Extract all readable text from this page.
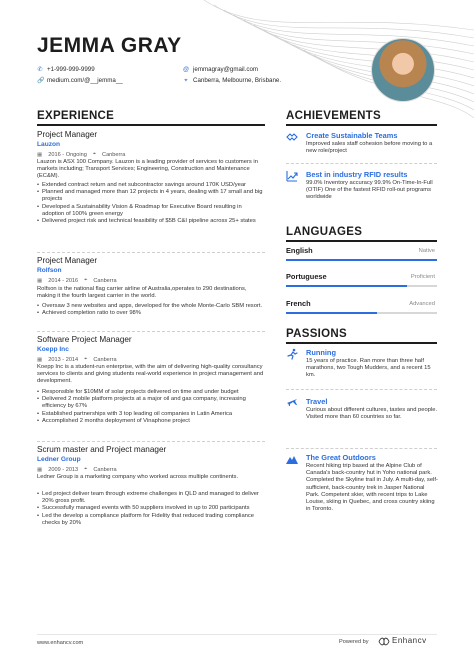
JEMMA GRAY
✆ +1-999-999-9999	@ jemmagray@gmail.com
🔗 medium.com/@__jemma__	⌖ Canberra, Melbourne, Brisbane.
EXPERIENCE
Project Manager
Lauzon
▦ 2016 - Ongoing ⌖ Canberra
Lauzon is ASX 100 Company. Lauzon is a leading provider of services to customers in markets including; Transport Services; Engineering, Construction and Maintenance (EC&M).
• Extended contract return and net subcontractor savings around 170K USD/year
• Planned and managed more than 12 projects in 4 years, dealing with 17 small and big projects
• Developed a Sustainability Vision & Roadmap for Executive Board resulting in adoption of 100% green energy
• Delivered project risk and technical feasibility of $5B C&I pipeline across 25+ states
Project Manager
Rolfson
▦ 2014 - 2016 ⌖ Canberra
Rolfson is the national flag carrier airline of Australia,operates to 290 destinations, making it the fourth largest carrier in the world.
• Oversaw 3 new websites and apps, developed for the whole Monte-Carlo SBM resort.
• Achieved completion ratio to over 98%
Software Project Manager
Koepp Inc
▦ 2013 - 2014 ⌖ Canberra
Koepp Inc is a student-run enterprise, with the aim of delivering high-quality consultancy services to clients and giving students real-world experience in project management and development.
• Responsible for $10MM of solar projects delivered on time and under budget
• Delivered 2 mobile platform projects at a major oil and gas company, increasing efficiency by 67%
• Established partnerships with 3 top leading oil companies in Latin America
• Accomplished 2 months deployment of Vinaphone project
Scrum master and Project manager
Ledner Group
▦ 2009 - 2013 ⌖ Canberra
Ledner Group is a marketing company who worked across multiple continents.
• Led project deliver team through extreme challenges in QLD and managed to deliver 20% gross profit.
• Successfully managed events with 50 suppliers involved in up to 200 participants
• Led the develop a compliance platform for Fidelity that reduced trading compliance checks by 20%
ACHIEVEMENTS
Create Sustainable Teams
Improved sales staff cohesion before moving to a new role/project
Best in industry RFID results
99.0% Inventory accuracy 99.9% On-Time-In-Full (OTIF) One of the fastest RFID roll-out programs worldwide
LANGUAGES
English	Native
Portuguese	Proficient
French	Advanced
PASSIONS
Running
15 years of practice. Ran more than three half marathons, two Tough Mudders, and a recent 15 km.
Travel
Curious about different cultures, tastes and people. Visited more than 60 countries so far.
The Great Outdoors
Recent hiking trip based at the Alpine Club of Canada's back-country hut in Yoho national park. Completed the Skyline trail in July. A multi-day, self-sufficient, back-country trek in Jasper National Park. Competent skier, with recent trips to Lake Louise, skiing in Quebec, and cross country skiing in Toronto.
www.enhancv.com	Powered by	Enhancv
